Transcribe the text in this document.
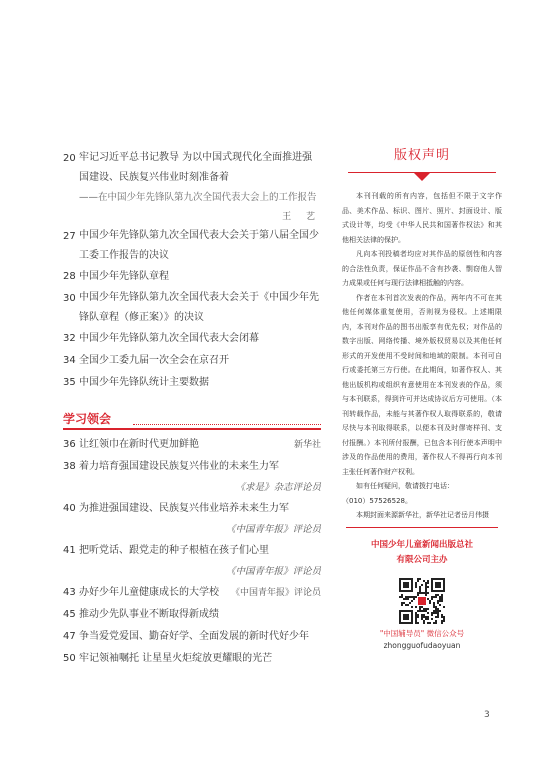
20 牢记习近平总书记教导 为以中国式现代化全面推进强国建设、民族复兴伟业时刻准备着
——在中国少年先锋队第九次全国代表大会上的工作报告
王 艺
27 中国少年先锋队第九次全国代表大会关于第八届全国少工委工作报告的决议
28 中国少年先锋队章程
30 中国少年先锋队第九次全国代表大会关于《中国少年先锋队章程（修正案）》的决议
32 中国少年先锋队第九次全国代表大会闭幕
34 全国少工委九届一次全会在京召开
35 中国少年先锋队统计主要数据
学习领会
36 让红领巾在新时代更加鲜艳	新华社
38 着力培育强国建设民族复兴伟业的未来生力军
《求是》杂志评论员
40 为推进强国建设、民族复兴伟业培养未来生力军
《中国青年报》评论员
41 把听党话、跟党走的种子根植在孩子们心里
《中国青年报》评论员
43 办好少年儿童健康成长的大学校	《中国青年报》评论员
45 推动少先队事业不断取得新成绩
47 争当爱党爱国、勤奋好学、全面发展的新时代好少年
50 牢记领袖嘱托 让星星火炬绽放更耀眼的光芒
版权声明

本刊刊载的所有内容，包括但不限于文字作品、美术作品、标识、图片、照片、封面设计、版式设计等，均受《中华人民共和国著作权法》和其他相关法律的保护。

凡向本刊投稿者均应对其作品的原创性和内容的合法性负责，保证作品不含有抄袭、剽窃他人智力成果或任何与现行法律相抵触的内容。

作者在本刊首次发表的作品，两年内不可在其他任何媒体重复使用，否则视为侵权。上述期限内，本刊对作品的图书出版享有优先权；对作品的数字出版、网络传播、境外版权贸易以及其他任何形式的开发使用不受时间和地域的限制。本刊可自行或委托第三方行使。在此期间，如著作权人、其他出版机构或组织有意使用在本刊发表的作品，须与本刊联系，得到许可并达成协议后方可使用。（本刊转载作品，未能与其著作权人取得联系的，敬请尽快与本刊取得联系，以便本刊及时僇寄样刊、支付报酬。）本刊所付报酬，已包含本刊行使本声明中涉及的作品使用的费用，著作权人不得再行向本刊主张任何著作财产权利。

如有任何疑问，敬请拨打电话：

（010）57526528。

本期封面来源新华社，新华社记者岳月伟摄

中国少年儿童新闻出版总社
有限公司主办
"中国辅导员" 微信公众号
zhongguofudaoyuan
3
